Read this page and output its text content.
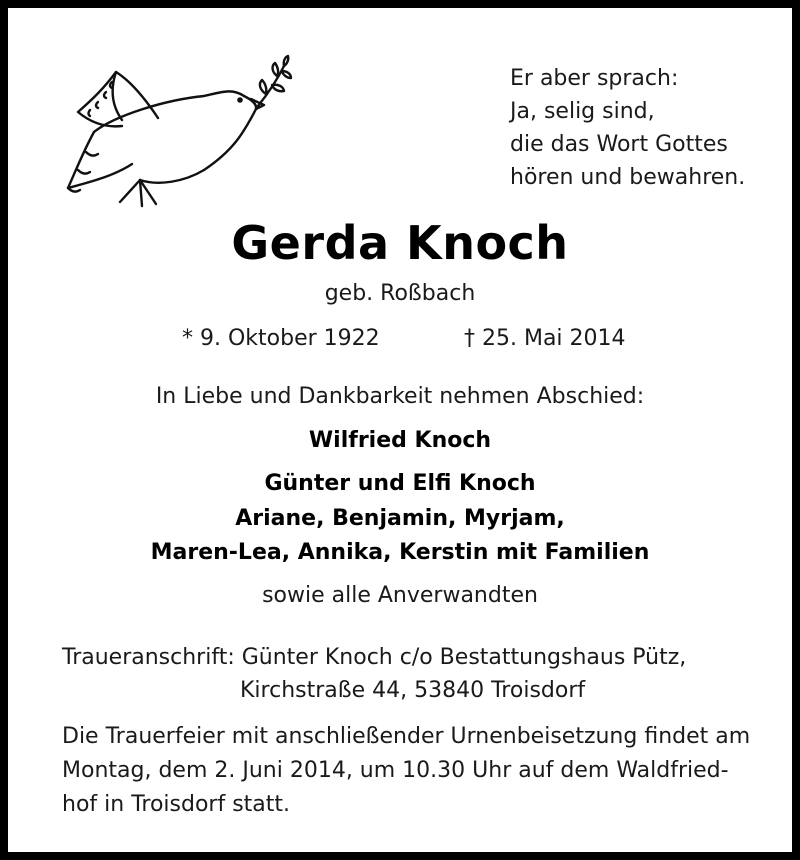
Er aber sprach:
Ja, selig sind,
die das Wort Gottes
hören und bewahren.
Gerda Knoch
geb. Roßbach
* 9. Oktober 1922	† 25. Mai 2014
In Liebe und Dankbarkeit nehmen Abschied:
Wilfried Knoch
Günter und Elfi Knoch
Ariane, Benjamin, Myrjam,
Maren-Lea, Annika, Kerstin mit Familien
sowie alle Anverwandten
Traueranschrift: Günter Knoch c/o Bestattungshaus Pütz,
Kirchstraße 44, 53840 Troisdorf
Die Trauerfeier mit anschließender Urnenbeisetzung findet am
Montag, dem 2. Juni 2014, um 10.30 Uhr auf dem Waldfried-
hof in Troisdorf statt.
